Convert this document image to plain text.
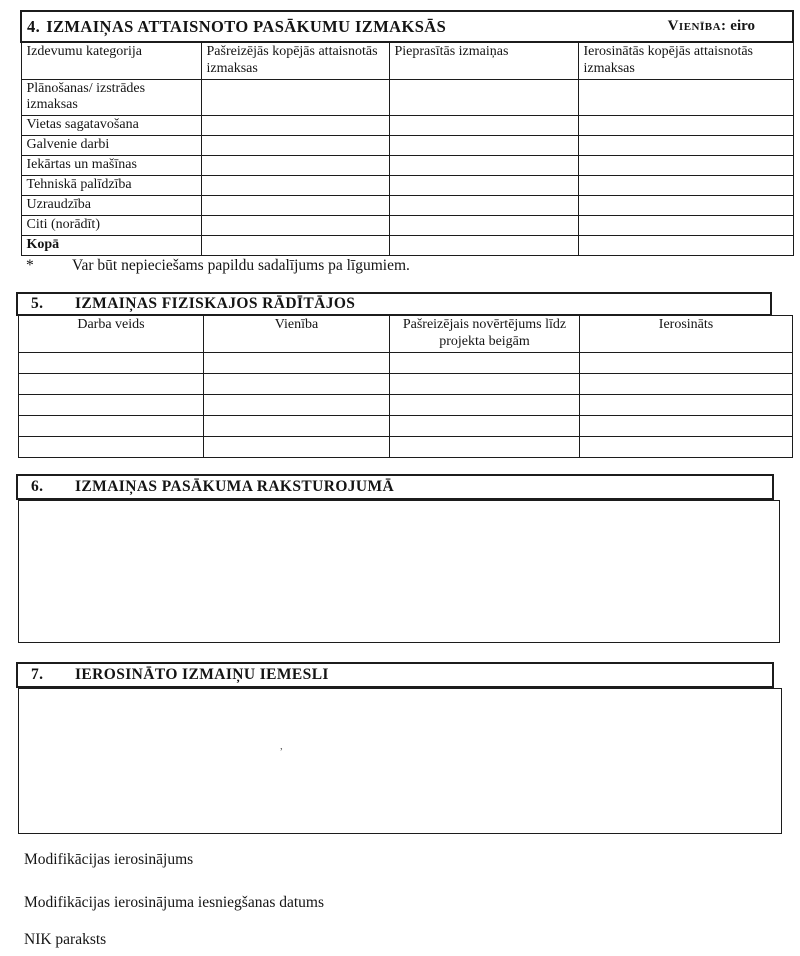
4. IZMAIŅAS ATTAISNOTO PASĀKUMU IZMAKSĀS Vienība: eiro			

Izdevumu kategorija	Pašreizējās kopējās attaisnotās izmaksas	Pieprasītās izmaiņas	Ierosinātās kopējās attaisnotās izmaksas
Plānošanas/ izstrādes izmaksas			
Vietas sagatavošana			
Galvenie darbi			
Iekārtas un mašīnas			
Tehniskā palīdzība			
Uzraudzība			
Citi (norādīt)			
Kopā			
*	Var būt nepieciešams papildu sadalījums pa līgumiem.
5.	IZMAIŅAS FIZISKAJOS RĀDĪTĀJOS
Darba veids	Vienība	Pašreizējais novērtējums līdz projekta beigām	Ierosināts

6.	IZMAIŅAS PASĀKUMA RAKSTUROJUMĀ
7.	IEROSINĀTO IZMAIŅU IEMESLI
,
Modifikācijas ierosinājums
Modifikācijas ierosinājuma iesniegšanas datums
NIK paraksts
